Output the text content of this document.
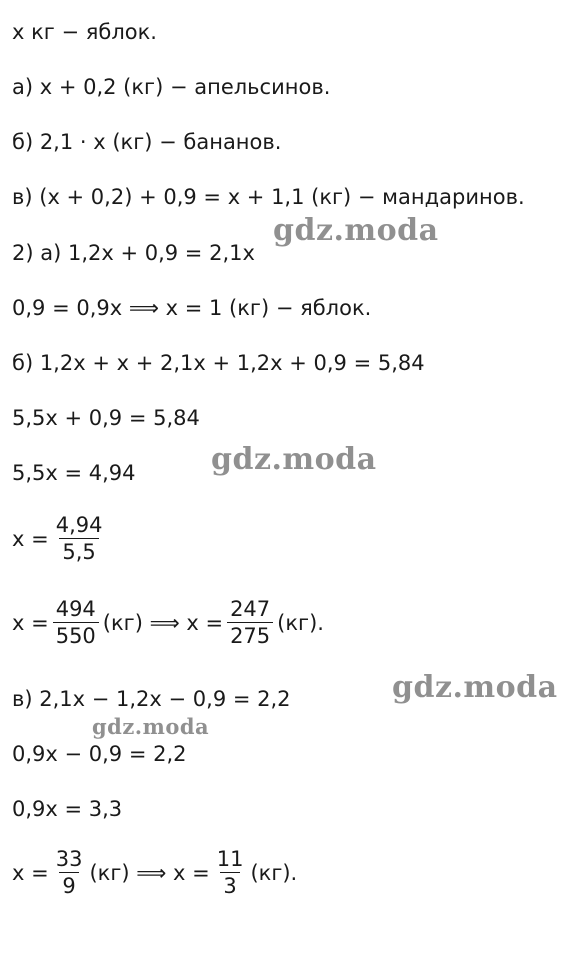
x кг − яблок.
а) x + 0,2 (кг) − апельсинов.
б) 2,1 · x (кг) − бананов.
в) (x + 0,2) + 0,9 = x + 1,1 (кг) − мандаринов.
2) а) 1,2x + 0,9 = 2,1x
0,9 = 0,9x ⟹ x = 1 (кг) − яблок.
б) 1,2x + x + 2,1x + 1,2x + 0,9 = 5,84
5,5x + 0,9 = 5,84
5,5x = 4,94
$x = \frac{4,94}{5,5}$
$x = \frac{494}{550} (кг)$ ⟹ $x = \frac{247}{275} (кг)$.
в) 2,1x − 1,2x − 0,9 = 2,2
0,9x − 0,9 = 2,2
0,9x = 3,3
$x = \frac{33}{9} (кг)$ ⟹ $x = \frac{11}{3} (кг)$.
gdz.moda
gdz.moda
gdz.moda
gdz.moda
